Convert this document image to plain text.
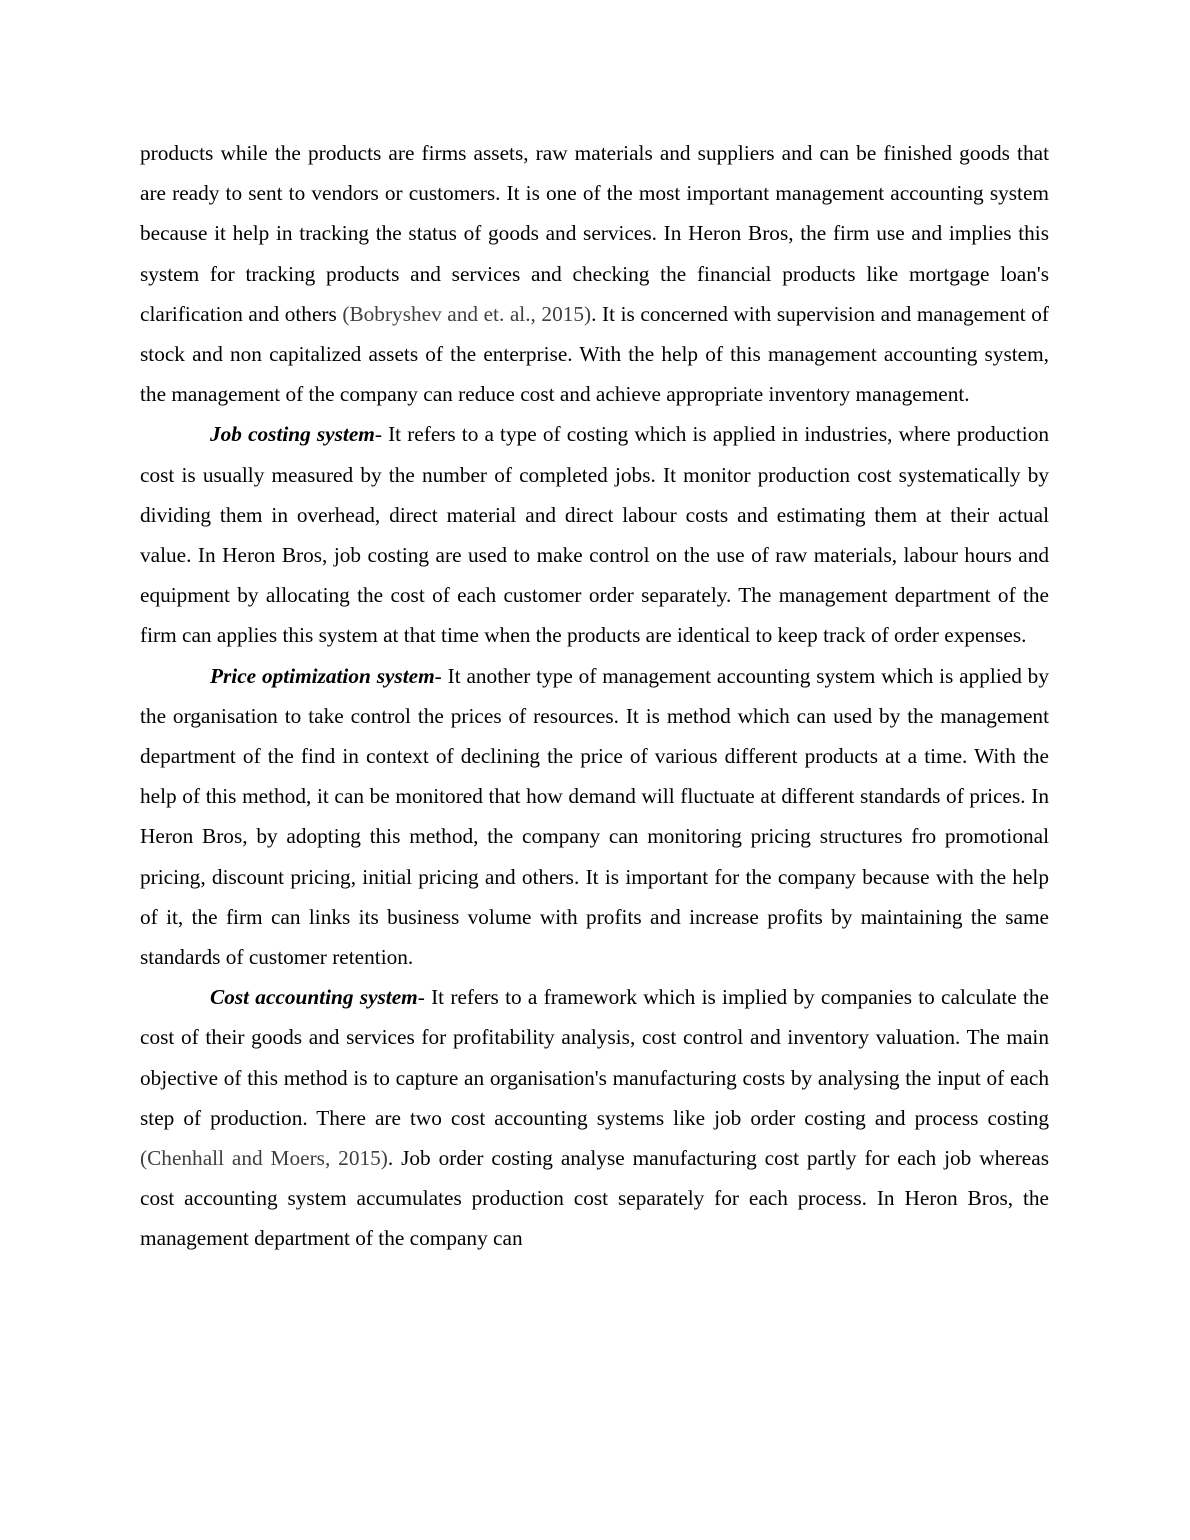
products while the products are firms assets, raw materials and suppliers and can be finished goods that are ready to sent to vendors or customers. It is one of the most important management accounting system because it help in tracking the status of goods and services. In Heron Bros, the firm use and implies this system for tracking products and services and checking the financial products like mortgage loan's clarification and others (Bobryshev and et. al., 2015). It is concerned with supervision and management of stock and non capitalized assets of the enterprise. With the help of this management accounting system, the management of the company can reduce cost and achieve appropriate inventory management.

Job costing system- It refers to a type of costing which is applied in industries, where production cost is usually measured by the number of completed jobs. It monitor production cost systematically by dividing them in overhead, direct material and direct labour costs and estimating them at their actual value. In Heron Bros, job costing are used to make control on the use of raw materials, labour hours and equipment by allocating the cost of each customer order separately. The management department of the firm can applies this system at that time when the products are identical to keep track of order expenses.

Price optimization system- It another type of management accounting system which is applied by the organisation to take control the prices of resources. It is method which can used by the management department of the find in context of declining the price of various different products at a time. With the help of this method, it can be monitored that how demand will fluctuate at different standards of prices. In Heron Bros, by adopting this method, the company can monitoring pricing structures fro promotional pricing, discount pricing, initial pricing and others. It is important for the company because with the help of it, the firm can links its business volume with profits and increase profits by maintaining the same standards of customer retention.

Cost accounting system- It refers to a framework which is implied by companies to calculate the cost of their goods and services for profitability analysis, cost control and inventory valuation. The main objective of this method is to capture an organisation's manufacturing costs by analysing the input of each step of production. There are two cost accounting systems like job order costing and process costing (Chenhall and Moers, 2015). Job order costing analyse manufacturing cost partly for each job whereas cost accounting system accumulates production cost separately for each process. In Heron Bros, the management department of the company can
